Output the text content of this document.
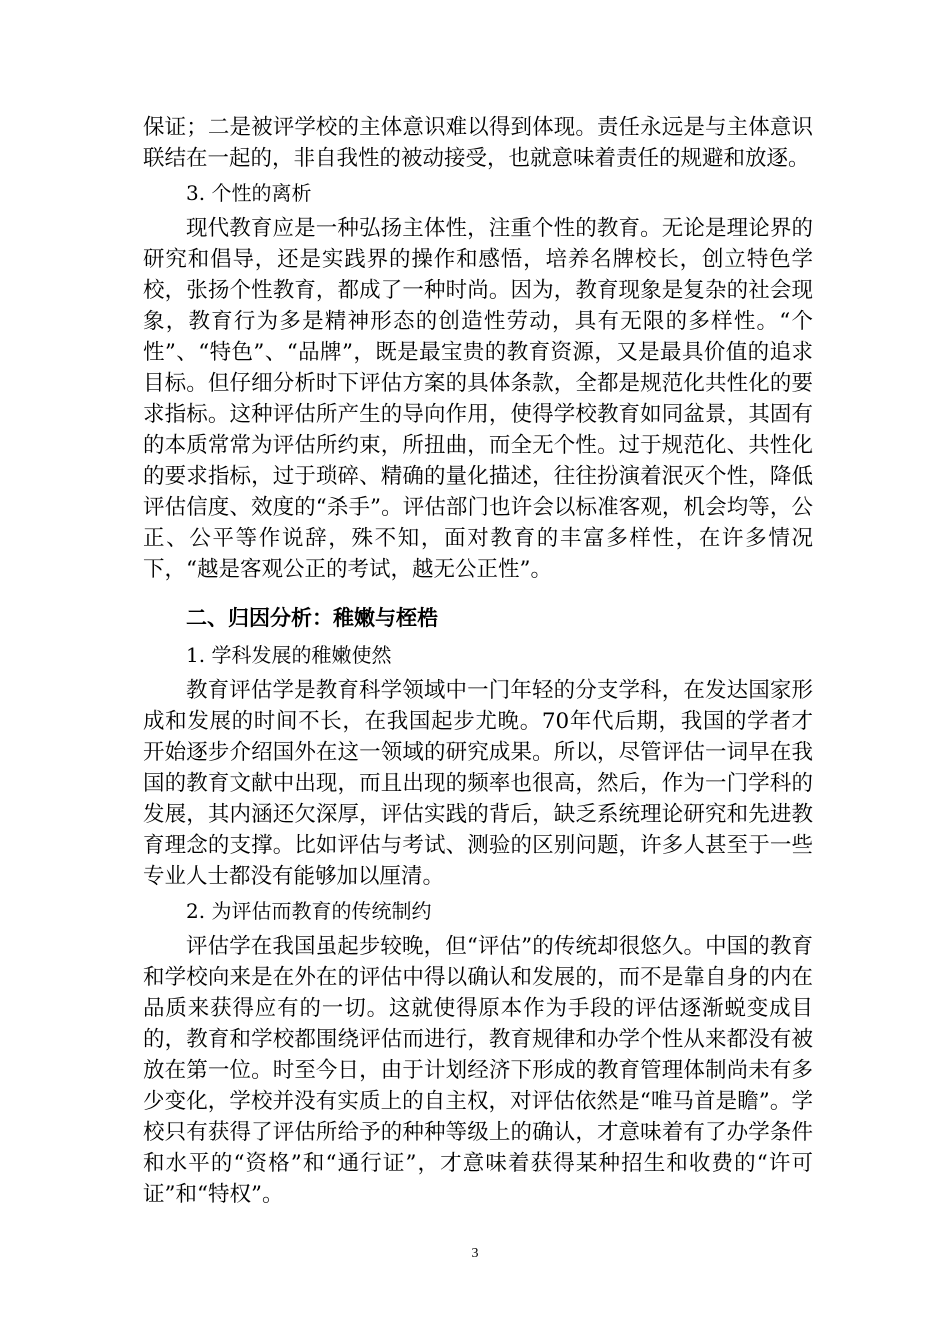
保证；二是被评学校的主体意识难以得到体现。责任永远是与主体意识联结在一起的，非自我性的被动接受，也就意味着责任的规避和放逐。

3. 个性的离析

现代教育应是一种弘扬主体性，注重个性的教育。无论是理论界的研究和倡导，还是实践界的操作和感悟，培养名牌校长，创立特色学校，张扬个性教育，都成了一种时尚。因为，教育现象是复杂的社会现象，教育行为多是精神形态的创造性劳动，具有无限的多样性。“个性”、“特色”、“品牌”，既是最宝贵的教育资源，又是最具价值的追求目标。但仔细分析时下评估方案的具体条款，全都是规范化共性化的要求指标。这种评估所产生的导向作用，使得学校教育如同盆景，其固有的本质常常为评估所约束，所扭曲，而全无个性。过于规范化、共性化的要求指标，过于琐碎、精确的量化描述，往往扮演着泯灭个性，降低评估信度、效度的“杀手”。评估部门也许会以标准客观，机会均等，公正、公平等作说辞，殊不知，面对教育的丰富多样性，在许多情况下，“越是客观公正的考试，越无公正性”。

二、归因分析：稚嫩与桎梏

1. 学科发展的稚嫩使然

教育评估学是教育科学领域中一门年轻的分支学科，在发达国家形成和发展的时间不长，在我国起步尤晚。70年代后期，我国的学者才开始逐步介绍国外在这一领域的研究成果。所以，尽管评估一词早在我国的教育文献中出现，而且出现的频率也很高，然后，作为一门学科的发展，其内涵还欠深厚，评估实践的背后，缺乏系统理论研究和先进教育理念的支撑。比如评估与考试、测验的区别问题，许多人甚至于一些专业人士都没有能够加以厘清。

2. 为评估而教育的传统制约

评估学在我国虽起步较晚，但“评估”的传统却很悠久。中国的教育和学校向来是在外在的评估中得以确认和发展的，而不是靠自身的内在品质来获得应有的一切。这就使得原本作为手段的评估逐渐蜕变成目的，教育和学校都围绕评估而进行，教育规律和办学个性从来都没有被放在第一位。时至今日，由于计划经济下形成的教育管理体制尚未有多少变化，学校并没有实质上的自主权，对评估依然是“唯马首是瞻”。学校只有获得了评估所给予的种种等级上的确认，才意味着有了办学条件和水平的“资格”和“通行证”，才意味着获得某种招生和收费的“许可证”和“特权”。

3
